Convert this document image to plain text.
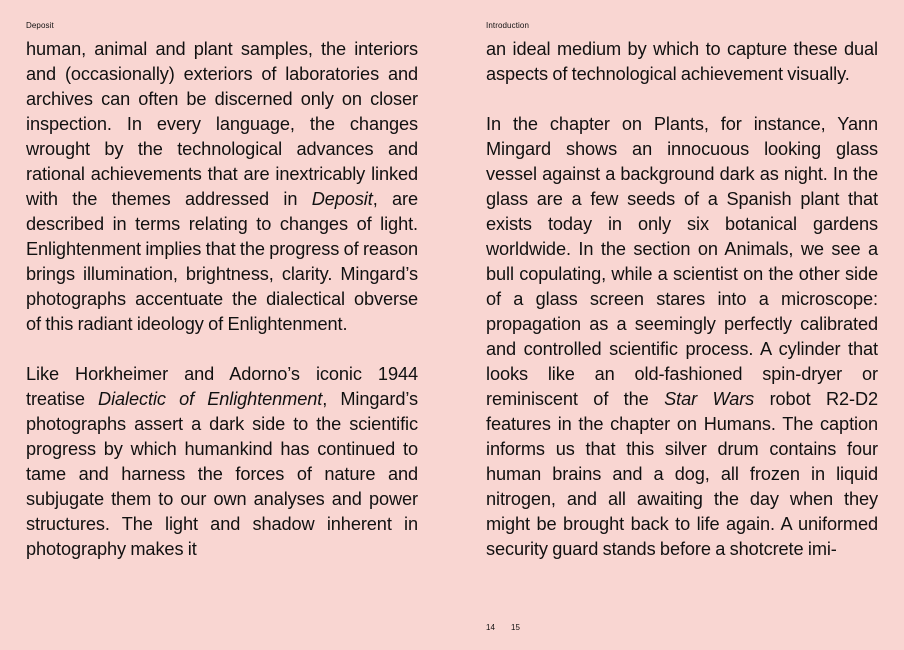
Deposit	Introduction

human, animal and plant samples, the interiors and (occasionally) exteriors of laboratories and archives can often be discerned only on closer inspection. In every language, the changes wrought by the technological advances and rational achievements that are inextricably linked with the themes addressed in Deposit, are described in terms relating to changes of light. Enlightenment implies that the progress of reason brings illumination, brightness, clarity. Mingard’s photographs accentuate the dialectical obverse of this radiant ideology of Enlightenment.

Like Horkheimer and Adorno’s iconic 1944 treatise Dialectic of Enlightenment, Mingard’s photographs assert a dark side to the scientific progress by which humankind has continued to tame and harness the forces of nature and subjugate them to our own analyses and power structures. The light and shadow inherent in photography makes it

an ideal medium by which to capture these dual aspects of technological achievement visually.

In the chapter on Plants, for instance, Yann Mingard shows an innocuous looking glass vessel against a background dark as night. In the glass are a few seeds of a Spanish plant that exists today in only six botanical gardens worldwide. In the section on Animals, we see a bull copulating, while a scientist on the other side of a glass screen stares into a microscope: propagation as a seemingly perfectly calibrated and controlled scientific process. A cylinder that looks like an old-fashioned spin-dryer or reminiscent of the Star Wars robot R2-D2 features in the chapter on Humans. The caption informs us that this silver drum contains four human brains and a dog, all frozen in liquid nitrogen, and all awaiting the day when they might be brought back to life again. A uniformed security guard stands before a shotcrete imi-

14 15
